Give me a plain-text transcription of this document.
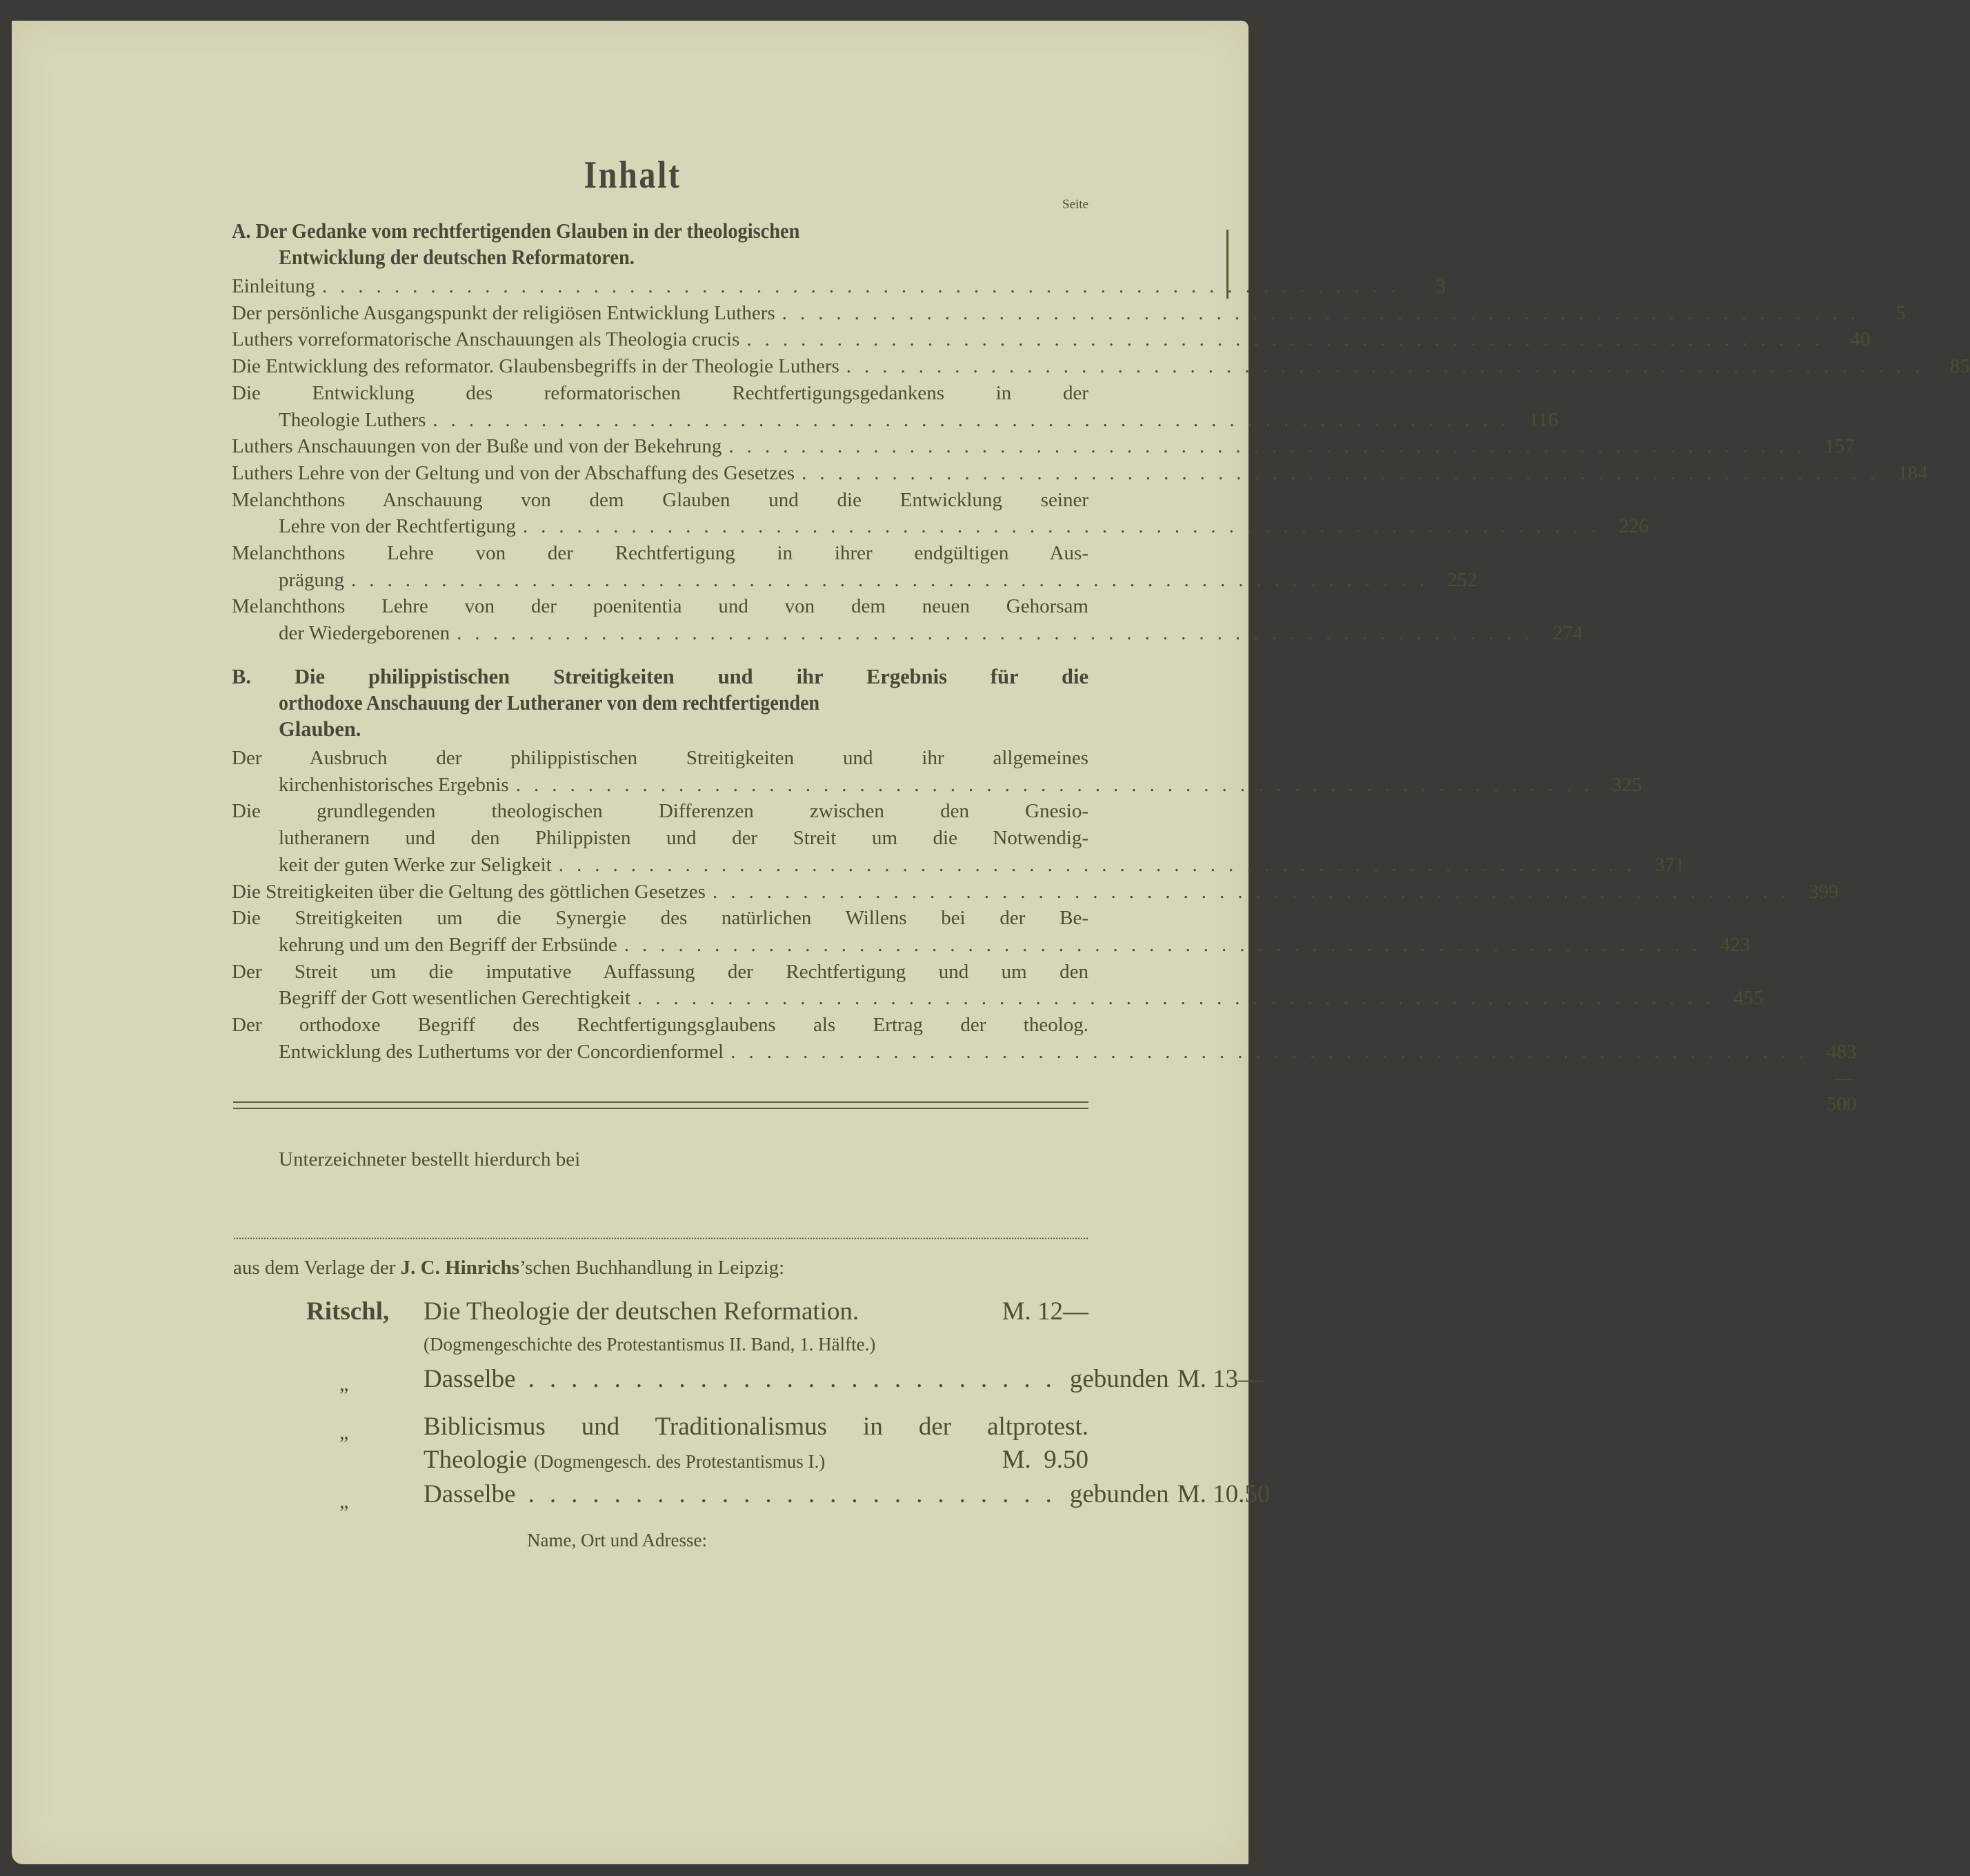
Inhalt
Seite
A. Der Gedanke vom rechtfertigenden Glauben in der theologischen
Entwicklung der deutschen Reformatoren.
Einleitung ............................................................	3
Der persönliche Ausgangspunkt der religiösen Entwicklung Luthers ............................................................	5
Luthers vorreformatorische Anschauungen als Theologia crucis ............................................................ 40
Die Entwicklung des reformator. Glaubensbegriffs in der Theologie Luthers ............................................................ 85
Die Entwicklung des reformatorischen Rechtfertigungsgedankens in der
Theologie Luthers ............................................................ 116
Luthers Anschauungen von der Buße und von der Bekehrung ............................................................ 157
Luthers Lehre von der Geltung und von der Abschaffung des Gesetzes ............................................................ 184
Melanchthons Anschauung von dem Glauben und die Entwicklung seiner
Lehre von der Rechtfertigung ............................................................ 226
Melanchthons Lehre von der Rechtfertigung in ihrer endgültigen Aus-
prägung ............................................................ 252
Melanchthons Lehre von der poenitentia und von dem neuen Gehorsam
der Wiedergeborenen ............................................................ 274
B. Die philippistischen Streitigkeiten und ihr Ergebnis für die
orthodoxe Anschauung der Lutheraner von dem rechtfertigenden
Glauben.
Der Ausbruch der philippistischen Streitigkeiten und ihr allgemeines
kirchenhistorisches Ergebnis ............................................................ 325
Die grundlegenden theologischen Differenzen zwischen den Gnesio-
lutheranern und den Philippisten und der Streit um die Notwendig-
keit der guten Werke zur Seligkeit ............................................................ 371
Die Streitigkeiten über die Geltung des göttlichen Gesetzes ............................................................ 399
Die Streitigkeiten um die Synergie des natürlichen Willens bei der Be-
kehrung und um den Begriff der Erbsünde ............................................................ 423
Der Streit um die imputative Auffassung der Rechtfertigung und um den
Begriff der Gott wesentlichen Gerechtigkeit ............................................................ 455
Der orthodoxe Begriff des Rechtfertigungsglaubens als Ertrag der theolog.
Entwicklung des Luthertums vor der Concordienformel ............................................................ 483—500
Unterzeichneter bestellt hierdurch bei
aus dem Verlage der J. C. Hinrichs’schen Buchhandlung in Leipzig:
Ritschl, Die Theologie der deutschen Reformation.	M. 12—
(Dogmengeschichte des Protestantismus II. Band, 1. Hälfte.)
„	Dasselbe ......................... gebunden M. 13—
„	Biblicismus und Traditionalismus in der altprotest.
Theologie (Dogmengesch. des Protestantismus I.)	M.  9.50
„	Dasselbe ......................... gebunden M. 10.50
Name, Ort und Adresse:
